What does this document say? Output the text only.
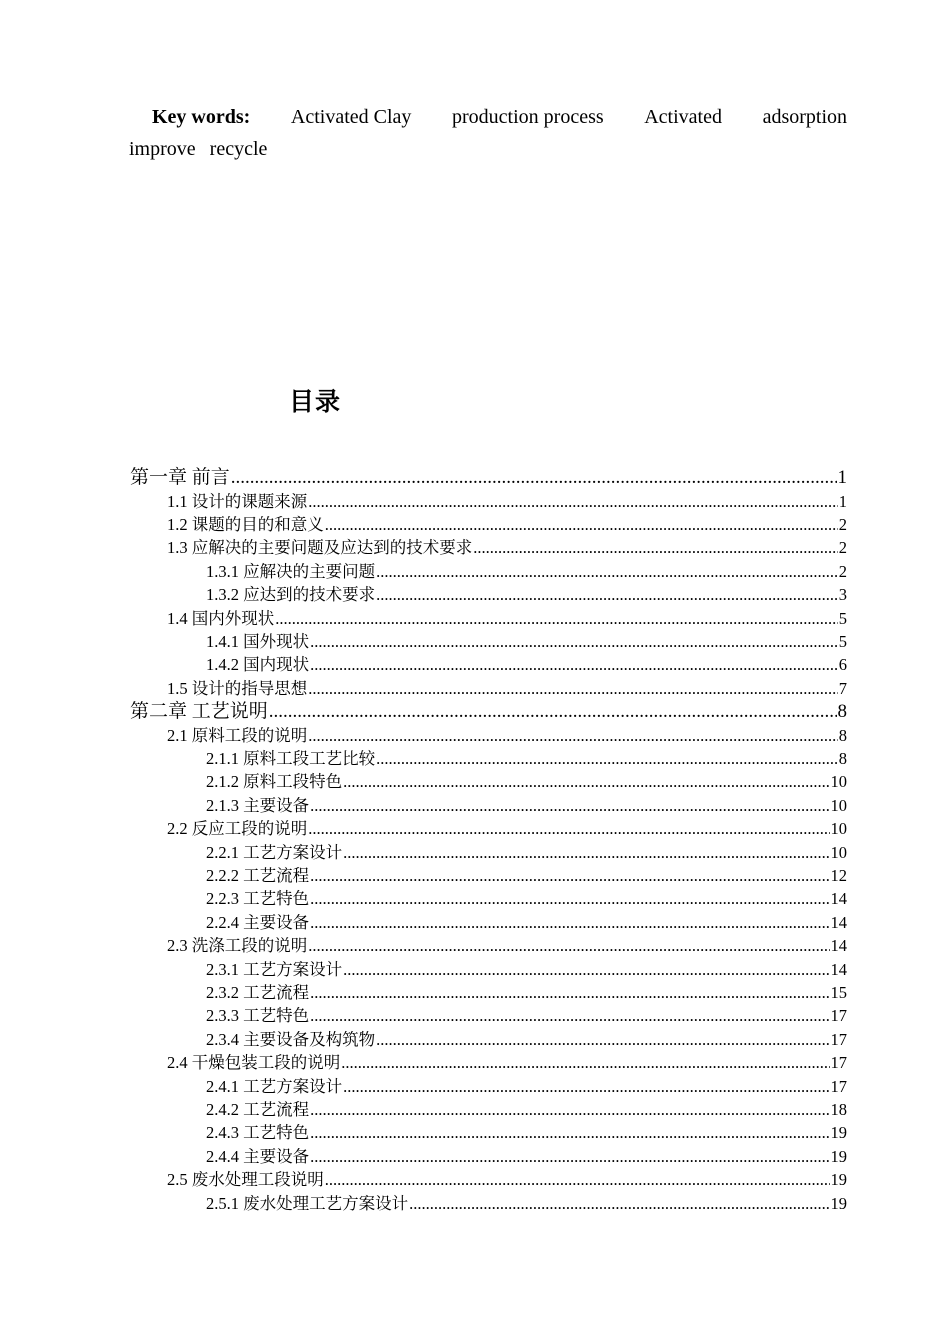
Key words: Activated Clay production process Activated adsorption
improve recycle
目录
第一章 前言 .....	1
1.1 设计的课题来源 .....	1
1.2 课题的目的和意义 .....	2
1.3 应解决的主要问题及应达到的技术要求 .....	2
1.3.1 应解决的主要问题 .....	2
1.3.2 应达到的技术要求 .....	3
1.4 国内外现状 .....	5
1.4.1 国外现状 .....	5
1.4.2 国内现状 .....	6
1.5 设计的指导思想 .....	7
第二章 工艺说明 .....	8
2.1 原料工段的说明 .....	8
2.1.1 原料工段工艺比较 .....	8
2.1.2 原料工段特色 .....	10
2.1.3 主要设备 .....	10
2.2 反应工段的说明 .....	10
2.2.1 工艺方案设计 .....	10
2.2.2 工艺流程 .....	12
2.2.3 工艺特色 .....	14
2.2.4 主要设备 .....	14
2.3 洗涤工段的说明 .....	14
2.3.1 工艺方案设计 .....	14
2.3.2 工艺流程 .....	15
2.3.3 工艺特色 .....	17
2.3.4 主要设备及构筑物 .....	17
2.4 干燥包装工段的说明 .....	17
2.4.1 工艺方案设计 .....	17
2.4.2 工艺流程 .....	18
2.4.3 工艺特色 .....	19
2.4.4 主要设备 .....	19
2.5 废水处理工段说明 .....	19
2.5.1 废水处理工艺方案设计 .....	19
